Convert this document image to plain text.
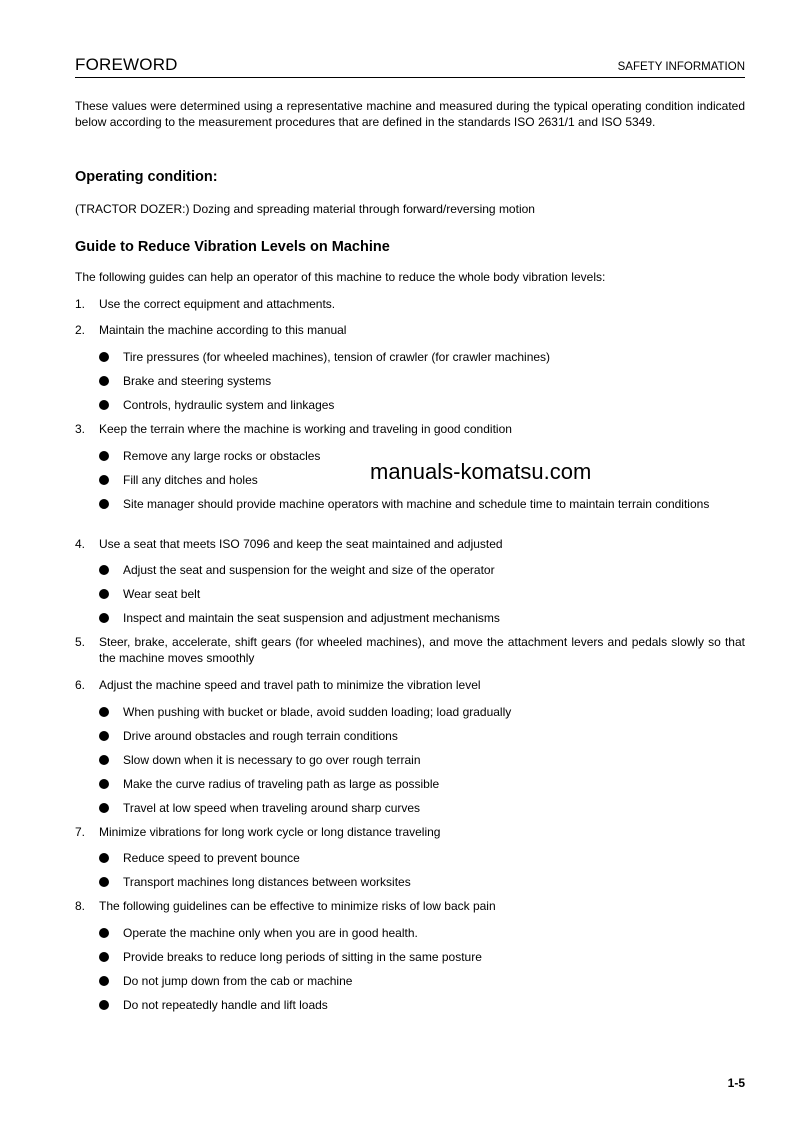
FOREWORD	SAFETY INFORMATION
These values were determined using a representative machine and measured during the typical operating condition indicated below according to the measurement procedures that are defined in the standards ISO 2631/1 and ISO 5349.
Operating condition:
(TRACTOR DOZER:) Dozing and spreading material through forward/reversing motion
Guide to Reduce Vibration Levels on Machine
The following guides can help an operator of this machine to reduce the whole body vibration levels:
1.	Use the correct equipment and attachments.
2.	Maintain the machine according to this manual
Tire pressures (for wheeled machines), tension of crawler (for crawler machines)
Brake and steering systems
Controls, hydraulic system and linkages
3.	Keep the terrain where the machine is working and traveling in good condition
Remove any large rocks or obstacles
Fill any ditches and holes
Site manager should provide machine operators with machine and schedule time to maintain terrain conditions
4.	Use a seat that meets ISO 7096 and keep the seat maintained and adjusted
Adjust the seat and suspension for the weight and size of the operator
Wear seat belt
Inspect and maintain the seat suspension and adjustment mechanisms
5.	Steer, brake, accelerate, shift gears (for wheeled machines), and move the attachment levers and pedals slowly so that the machine moves smoothly
6.	Adjust the machine speed and travel path to minimize the vibration level
When pushing with bucket or blade, avoid sudden loading; load gradually
Drive around obstacles and rough terrain conditions
Slow down when it is necessary to go over rough terrain
Make the curve radius of traveling path as large as possible
Travel at low speed when traveling around sharp curves
7.	Minimize vibrations for long work cycle or long distance traveling
Reduce speed to prevent bounce
Transport machines long distances between worksites
8.	The following guidelines can be effective to minimize risks of low back pain
Operate the machine only when you are in good health.
Provide breaks to reduce long periods of sitting in the same posture
Do not jump down from the cab or machine
Do not repeatedly handle and lift loads
manuals-komatsu.com
1-5
